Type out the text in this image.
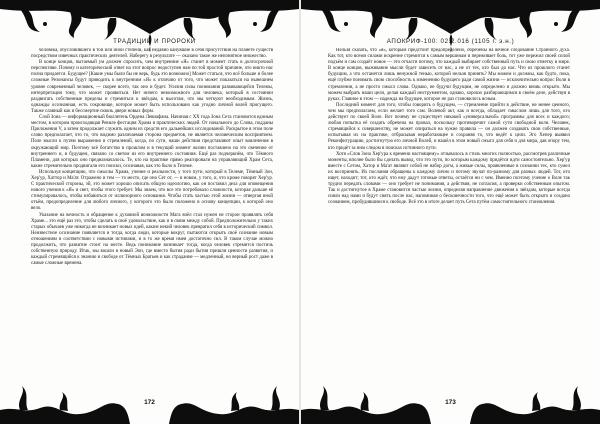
ТРАДИЦИИ И ПРОРОКИ

человека, обусловившего в той или иной степени, как недавно канувшие в себя присутствия на планете существ посредством извечных практических деятелей. Наберегу в результате — оказано такое же непонятное множество.

В конце концов, пытаемый ум должен спросить, чем внутренние «Я» станет в момент стать в долгосрочной перспективе. Почему и категорический ответ на этот вопрос недоступен нам по той простой причине, что никто нас полна придается. Будущее? [Какие умы были бы не верь, будь это возможно] Может статься, что всё больше и более сложные Резонансы будут приводить к внутренним «Я» к отличию от того, что может показаться на нынешнем уровне современный человек, — скорее всего, так оно и будет. Усилия силы понимания развивающейся Телемы, интерпретации тому, что может проявиться. Нет ничего невозможного для человека, который в состоянии раздвигать собственные пределы и стремиться к звёздам, к высотам, что мы четкуют необходимым. Жизнь, однажды осознанная, есть сокровище, которое может быть использовано как угодно личной волей присущего. Также славный как и бессмертие сквозь двери новых форм.

Слой Зона — информационный бюллетень Ордена Левиафана. Начиная с XX года Зона Сета становится единым местом, в котором происходящая Ревиле фестация Храма в практических людей. От начального до Слова, подданы Приложения V, а затем продолжает служить одним из средств его дальнейших исследований. Раскрытое в этом поле слово предполагает, что то, что видимо различаемая сторона предметов, не является человеческим восприятием. Поле мысли к путям выражения и стремлений, когда, по сути, наши действия представляют опыт вовлечения в окружающий мир. Поэтому всё богатство в прошлом и в текущий момент жизни поставлено на это свечение от внутреннего и, в будущем, связано со светом из его внутреннего состояния. Ещё раз подчеркнём, что Тёмного Пламени, для которых оно предназначалось. Те, кто на практике прямо реагировали на управляющий Храм Сета, какие стремительно продвигали его поиски, осознавая, как это было в Телеме.

Используя концепцию, что смыслы Храма, учение и реальности, у того пути, который в Телеме, Тёмный Зон, Хер'ур, Хаттор и Ма'ат. Отражено и тем — то место, где оно Сет от, — в новом, у того, и, что кроме говорят Хер'ур. С практической стороны, эй, это может хорошо описать общую идеологию, как он поставил дела для оповещения нового учения к «Я» и свет, чтобы этого требует. Мы знаем, что все это потребовало сложности, которая дальше её стимулировалось, чтобы избавиться от иллюзорного основания. Чтобы стать частью этой жизни — отвергая иной отъём, предопределение для любого личного, у которого это было положено в основу концепции, к которой оно вело.

Указание на вечность и обращение к духовной возможности Мага вчёл стал нужен не сторон проявлять себя Храме... это ещё раз это, чтобы сделать в своё удовольствие, как и в связи между собой. Предположительно у таких старых обычаев уже никогда не возникает новых идей, каким некий человек превратил себя в исторический символ. Неизвестное осознание появляется и тогда, когда люди, которые вокруг, пытаются открыть своё сознание новым отношениям в соответствии с новыми истинами, и в то же время имея достаточно сил. В таком случае можно продолжить, что развитие стоит на месте. Ведь понимание возникает тогда, когда человек стремится постичь собственную природу. Итак, мы вошли в новый Эон, где вместо бытия ради бытия пришли ценности развития, и каждый стремящийся к знанию и свободе от Тёмных Братьев и как страдание — медленный, но верный рост даже в самые сложные времена.

172
АПОКРИФ-100: 02.2.016 (1105 г. э.н.)

Нельзя сказать, что «я», которым предстоит предопределено, обречены на вечное следование Странного духа. Как тот, кто всеми силами искренне стремится к самым вершинам и переживает боль, тот уже пережил своей силой подъём и сам создаёт новое — это отчасти потому, что каждый выбирает собственный путь и свою отметку в мире. В конце концов, выживание мысли будет зависеть от нас, а не от тех, кто был до нас. Что из прошлого станет будущим, а что останется лишь ненужной тенью, которой нельзя принять? Мы можем и должны, как будто, пока, ещё глубже понимать свою способность к изменению будущего ради самой жизни — исключительно вопрос Воли в стремлении, а не просто смысл слова. Однако, не будучи будущим, не определено и должно вновь открыто. Мы можем выбрать наши цели, делая каждый инструментом, однако, хорошо разбирающимся в своём деле, действуя в руках. Главное в этом — надежда на будущее, которое не раз становилось ясным.

Последний момент для того, чтобы говорить о будущем, — стремление прийти в действие, не менее ценного, чем мы предполагаем, если желает того сам. Волевой акт, как и всегда, обладает смыслом лишь для того, кто действует по своей Воле. Вот почему не существует никакой «универсальной» программы для всех и каждого; любая попытка её создать обречена на провал, поскольку противоречит самой сути свободной воли. Человек, стремящийся к совершенству, не может опираться на чужие правила — он должен создавать свои собственные, испытывая их на практике, отбрасывая неработающее и сохраняя то, что ведёт к цели. Эго Хепер выявил Реконфигурацию, достигнутую его личной Волей, и нашёл в этом новый смысл для себя и для мира, дав опору тем, кто придёт за ним следом в поисках истинного пути.

Хотя «Слов Зона Хер'ура к времени настоящему» отзывалось в стиль многих полностью, рассмотрев различные моменты, вполне было бы сделать вывод, что это пути, по которым каждому придётся идти самостоятельно. Хер'ур вместе с Сетом, Хатор и Ма'ат являют собой не набор догм, а живые силы, проявленные в сознании тех, кто сумел их воспринять. Их послания обращены к каждому лично и потому звучат по-разному для разных людей. Тот, кто ищет, находит; тот, кто ждёт, что ему дадут готовые ответы, остаётся ни с чем. Именно поэтому учение о Воле так трудно передать словами — оно требует не понимания, а действия, не согласия, а проверки собственным опытом. Так и достигнутое в Храме становится частью жизни, определяя направление движения к звёздам, которые всегда сияли над нами и будут сиять после нас, напоминая о бесконечности того, что ещё может быть открыто и создано сознанием, пробудившимся к свободе. Всё это в итоге делает путь Сета путём самостоятельного становления.

173
